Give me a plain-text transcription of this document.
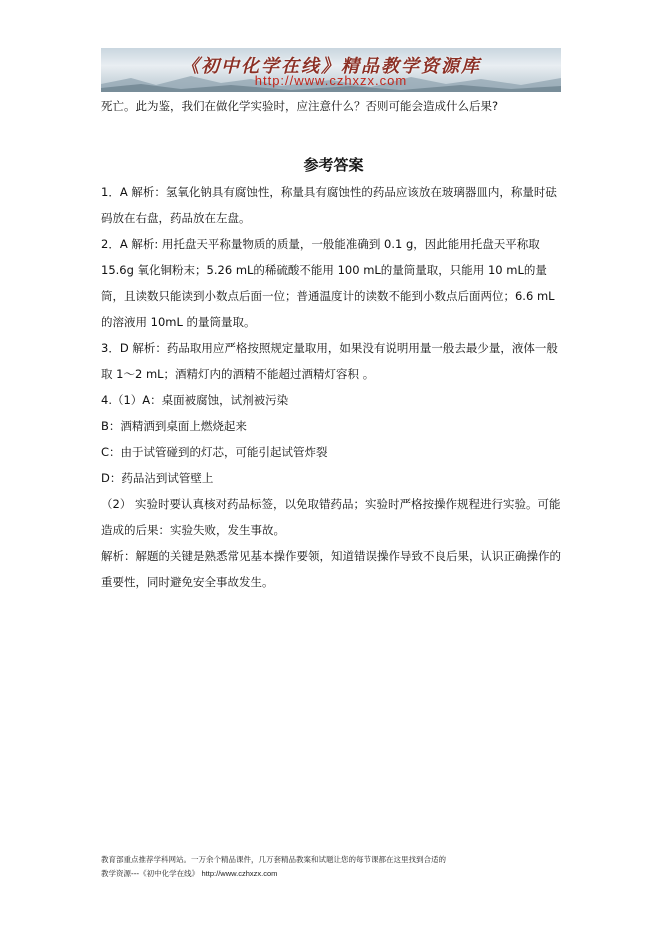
《初中化学在线》精品教学资源库
http://www.czhxzx.com

死亡。此为鉴，我们在做化学实验时，应注意什么？否则可能会造成什么后果?

参考答案

1．A 解析：氢氧化钠具有腐蚀性，称量具有腐蚀性的药品应该放在玻璃器皿内，称量时砝码放在右盘，药品放在左盘。

2．A 解析: 用托盘天平称量物质的质量，一般能准确到 0.1 g，因此能用托盘天平称取 15.6g 氧化铜粉末；5.26 mL的稀硫酸不能用 100 mL的量筒量取，只能用 10 mL的量筒，且读数只能读到小数点后面一位；普通温度计的读数不能到小数点后面两位；6.6 mL的溶液用 10mL 的量筒量取。

3．D 解析：药品取用应严格按照规定量取用，如果没有说明用量一般去最少量，液体一般取 1～2 mL；酒精灯内的酒精不能超过酒精灯容积 。

4.（1）A：桌面被腐蚀，试剂被污染

B：酒精洒到桌面上燃烧起来

C：由于试管碰到的灯芯，可能引起试管炸裂

D：药品沾到试管壁上

（2） 实验时要认真核对药品标签，以免取错药品；实验时严格按操作规程进行实验。可能造成的后果：实验失败，发生事故。

解析：解题的关键是熟悉常见基本操作要领，知道错误操作导致不良后果，认识正确操作的重要性，同时避免安全事故发生。

教育部重点推荐学科网站。一万余个精品课件，几万套精品教案和试题让您的每节课都在这里找到合适的
教学资源---《初中化学在线》 http://www.czhxzx.com
